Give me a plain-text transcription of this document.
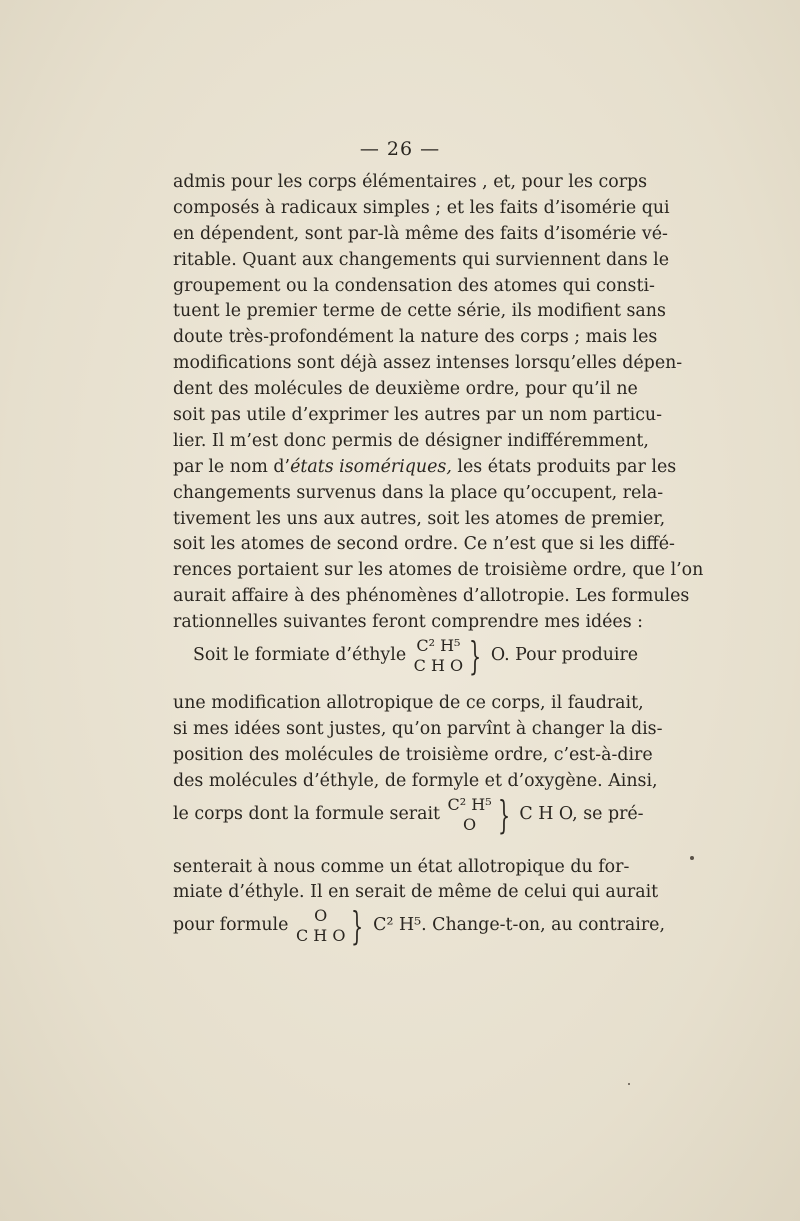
— 26 —
admis pour les corps élémentaires , et, pour les corps
composés à radicaux simples ; et les faits d’isomérie qui
en dépendent, sont par-là même des faits d’isomérie vé-
ritable. Quant aux changements qui surviennent dans le
groupement ou la condensation des atomes qui consti-
tuent le premier terme de cette série, ils modifient sans
doute très-profondément la nature des corps ; mais les
modifications sont déjà assez intenses lorsqu’elles dépen-
dent des molécules de deuxième ordre, pour qu’il ne
soit pas utile d’exprimer les autres par un nom particu-
lier. Il m’est donc permis de désigner indifféremment,
par le nom d’états isomériques, les états produits par les
changements survenus dans la place qu’occupent, rela-
tivement les uns aux autres, soit les atomes de premier,
soit les atomes de second ordre. Ce n’est que si les diffé-
rences portaient sur les atomes de troisième ordre, que l’on
aurait affaire à des phénomènes d’allotropie. Les formules
rationnelles suivantes feront comprendre mes idées :
Soit le formiate d’éthyle C² H⁵
C H O } O. Pour produire
une modification allotropique de ce corps, il faudrait,
si mes idées sont justes, qu’on parvînt à changer la dis-
position des molécules de troisième ordre, c’est-à-dire
des molécules d’éthyle, de formyle et d’oxygène. Ainsi,
le corps dont la formule serait C² H⁵
O } C H O, se pré-
senterait à nous comme un état allotropique du for-
miate d’éthyle. Il en serait de même de celui qui aurait
pour formule	O
C H O } C² H⁵. Change-t-on, au contraire,
